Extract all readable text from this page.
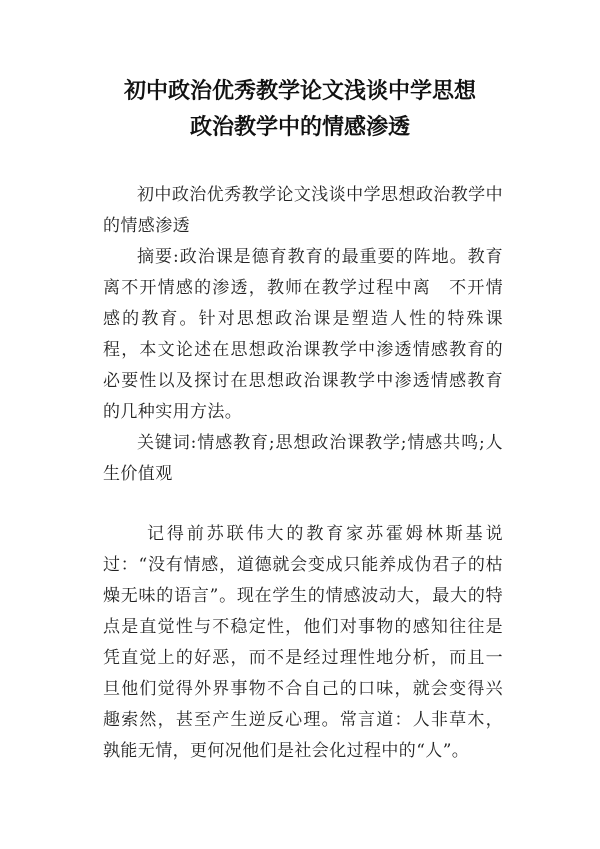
初中政治优秀教学论文浅谈中学思想
政治教学中的情感渗透

初中政治优秀教学论文浅谈中学思想政治教学中的情感渗透

摘要:政治课是德育教育的最重要的阵地。教育离不开情感的渗透，教师在教学过程中离　不开情感的教育。针对思想政治课是塑造人性的特殊课程，本文论述在思想政治课教学中渗透情感教育的必要性以及探讨在思想政治课教学中渗透情感教育的几种实用方法。

关键词:情感教育;思想政治课教学;情感共鸣;人生价值观

记得前苏联伟大的教育家苏霍姆林斯基说过：“没有情感，道德就会变成只能养成伪君子的枯燥无味的语言”。现在学生的情感波动大，最大的特点是直觉性与不稳定性，他们对事物的感知往往是凭直觉上的好恶，而不是经过理性地分析，而且一旦他们觉得外界事物不合自己的口味，就会变得兴趣索然，甚至产生逆反心理。常言道：人非草木，孰能无情，更何况他们是社会化过程中的“人”。
